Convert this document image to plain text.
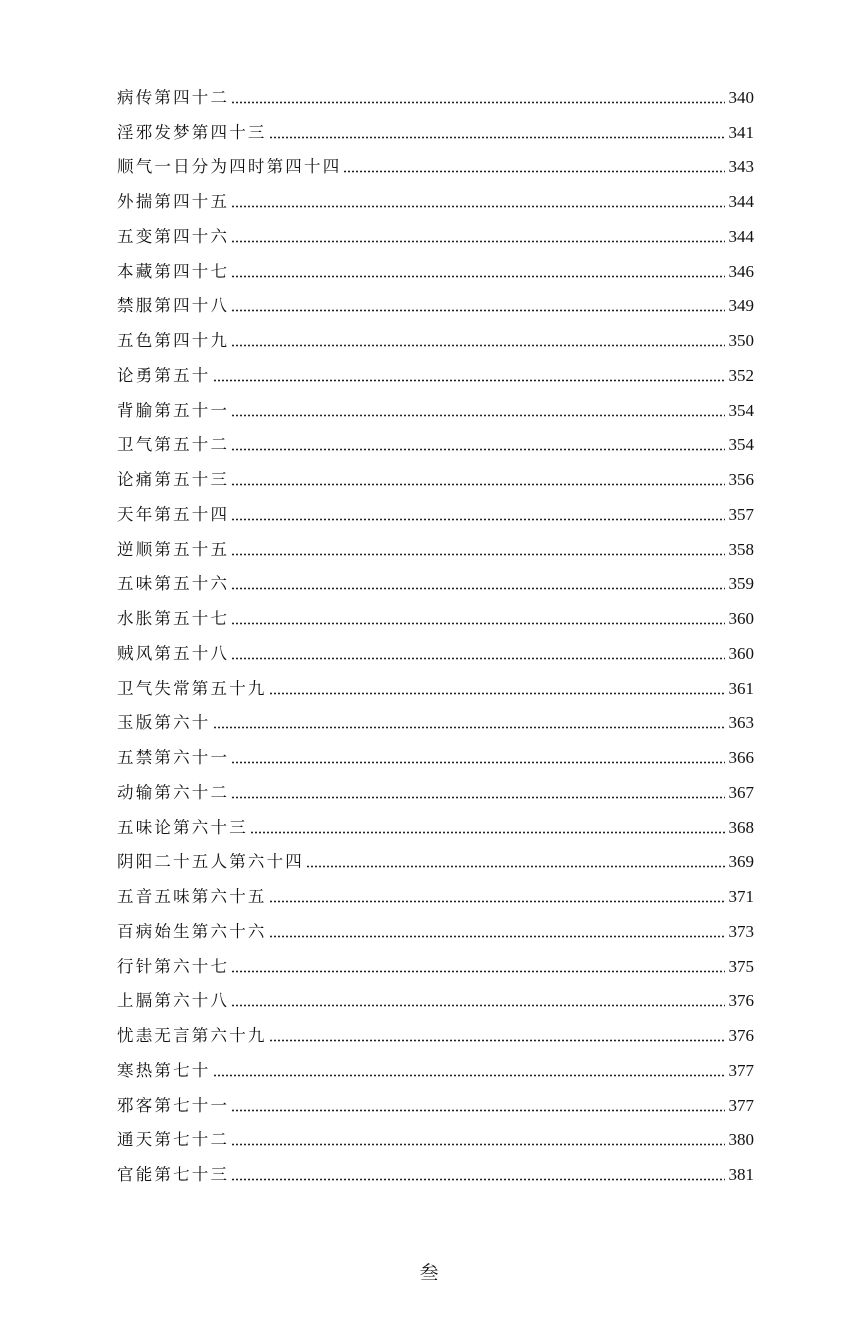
病传第四十二	340
淫邪发梦第四十三	341
顺气一日分为四时第四十四	343
外揣第四十五	344
五变第四十六	344
本藏第四十七	346
禁服第四十八	349
五色第四十九	350
论勇第五十	352
背腧第五十一	354
卫气第五十二	354
论痛第五十三	356
天年第五十四	357
逆顺第五十五	358
五味第五十六	359
水胀第五十七	360
贼风第五十八	360
卫气失常第五十九	361
玉版第六十	363
五禁第六十一	366
动输第六十二	367
五味论第六十三	368
阴阳二十五人第六十四	369
五音五味第六十五	371
百病始生第六十六	373
行针第六十七	375
上膈第六十八	376
忧恚无言第六十九	376
寒热第七十	377
邪客第七十一	377
通天第七十二	380
官能第七十三	381
叁
